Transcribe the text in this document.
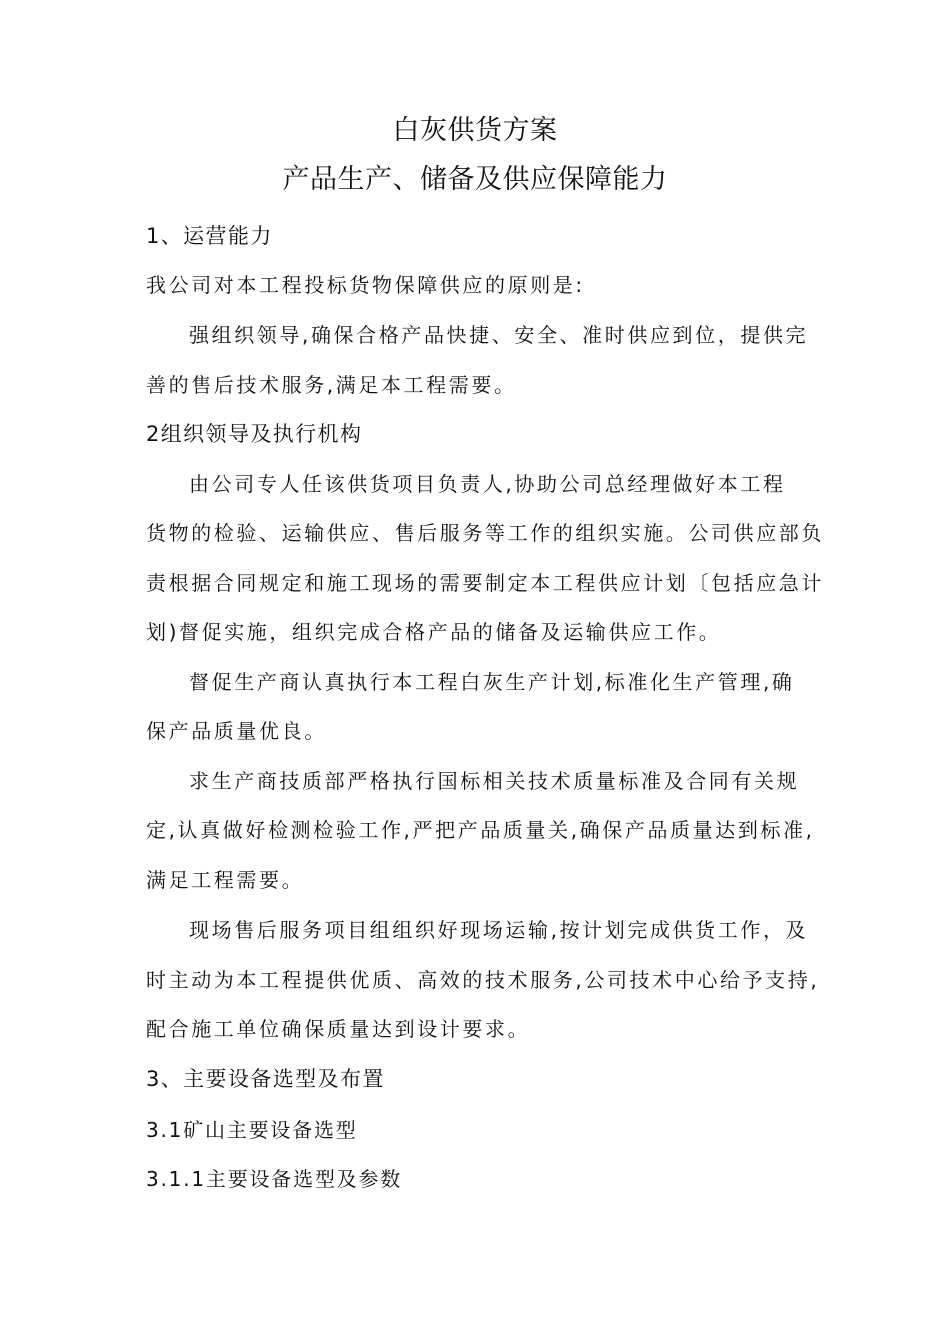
白灰供货方案
产品生产、储备及供应保障能力
1、运营能力
我公司对本工程投标货物保障供应的原则是:
强组织领导,确保合格产品快捷、安全、准时供应到位，提供完
善的售后技术服务,满足本工程需要。
2组织领导及执行机构
由公司专人任该供货项目负责人,协助公司总经理做好本工程
货物的检验、运输供应、售后服务等工作的组织实施。公司供应部负
责根据合同规定和施工现场的需要制定本工程供应计划〔包括应急计
划)督促实施，组织完成合格产品的储备及运输供应工作。
督促生产商认真执行本工程白灰生产计划,标准化生产管理,确
保产品质量优良。
求生产商技质部严格执行国标相关技术质量标准及合同有关规
定,认真做好检测检验工作,严把产品质量关,确保产品质量达到标准,
满足工程需要。
现场售后服务项目组组织好现场运输,按计划完成供货工作，及
时主动为本工程提供优质、高效的技术服务,公司技术中心给予支持,
配合施工单位确保质量达到设计要求。
3、主要设备选型及布置
3.1矿山主要设备选型
3.1.1主要设备选型及参数
